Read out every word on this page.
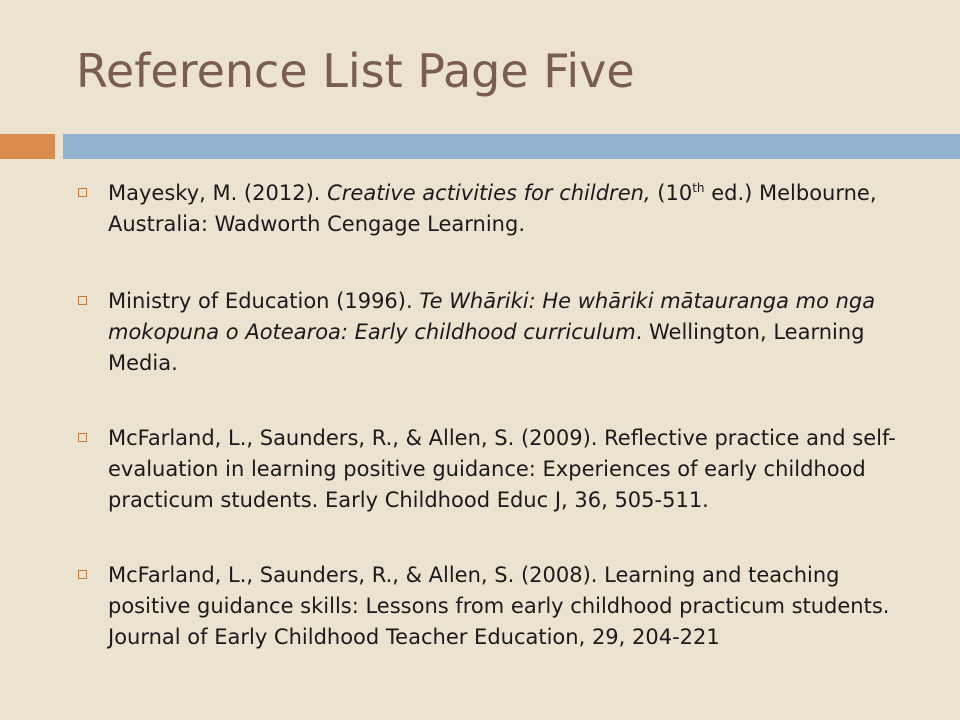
Reference List Page Five
Mayesky, M. (2012). Creative activities for children, (10th ed.) Melbourne, Australia: Wadworth Cengage Learning.
Ministry of Education (1996). Te Whāriki: He whāriki mātauranga mo nga mokopuna o Aotearoa: Early childhood curriculum. Wellington, Learning Media.
McFarland, L., Saunders, R., & Allen, S. (2009). Reflective practice and self-evaluation in learning positive guidance: Experiences of early childhood practicum students. Early Childhood Educ J, 36, 505-511.
McFarland, L., Saunders, R., & Allen, S. (2008). Learning and teaching positive guidance skills: Lessons from early childhood practicum students. Journal of Early Childhood Teacher Education, 29, 204-221
